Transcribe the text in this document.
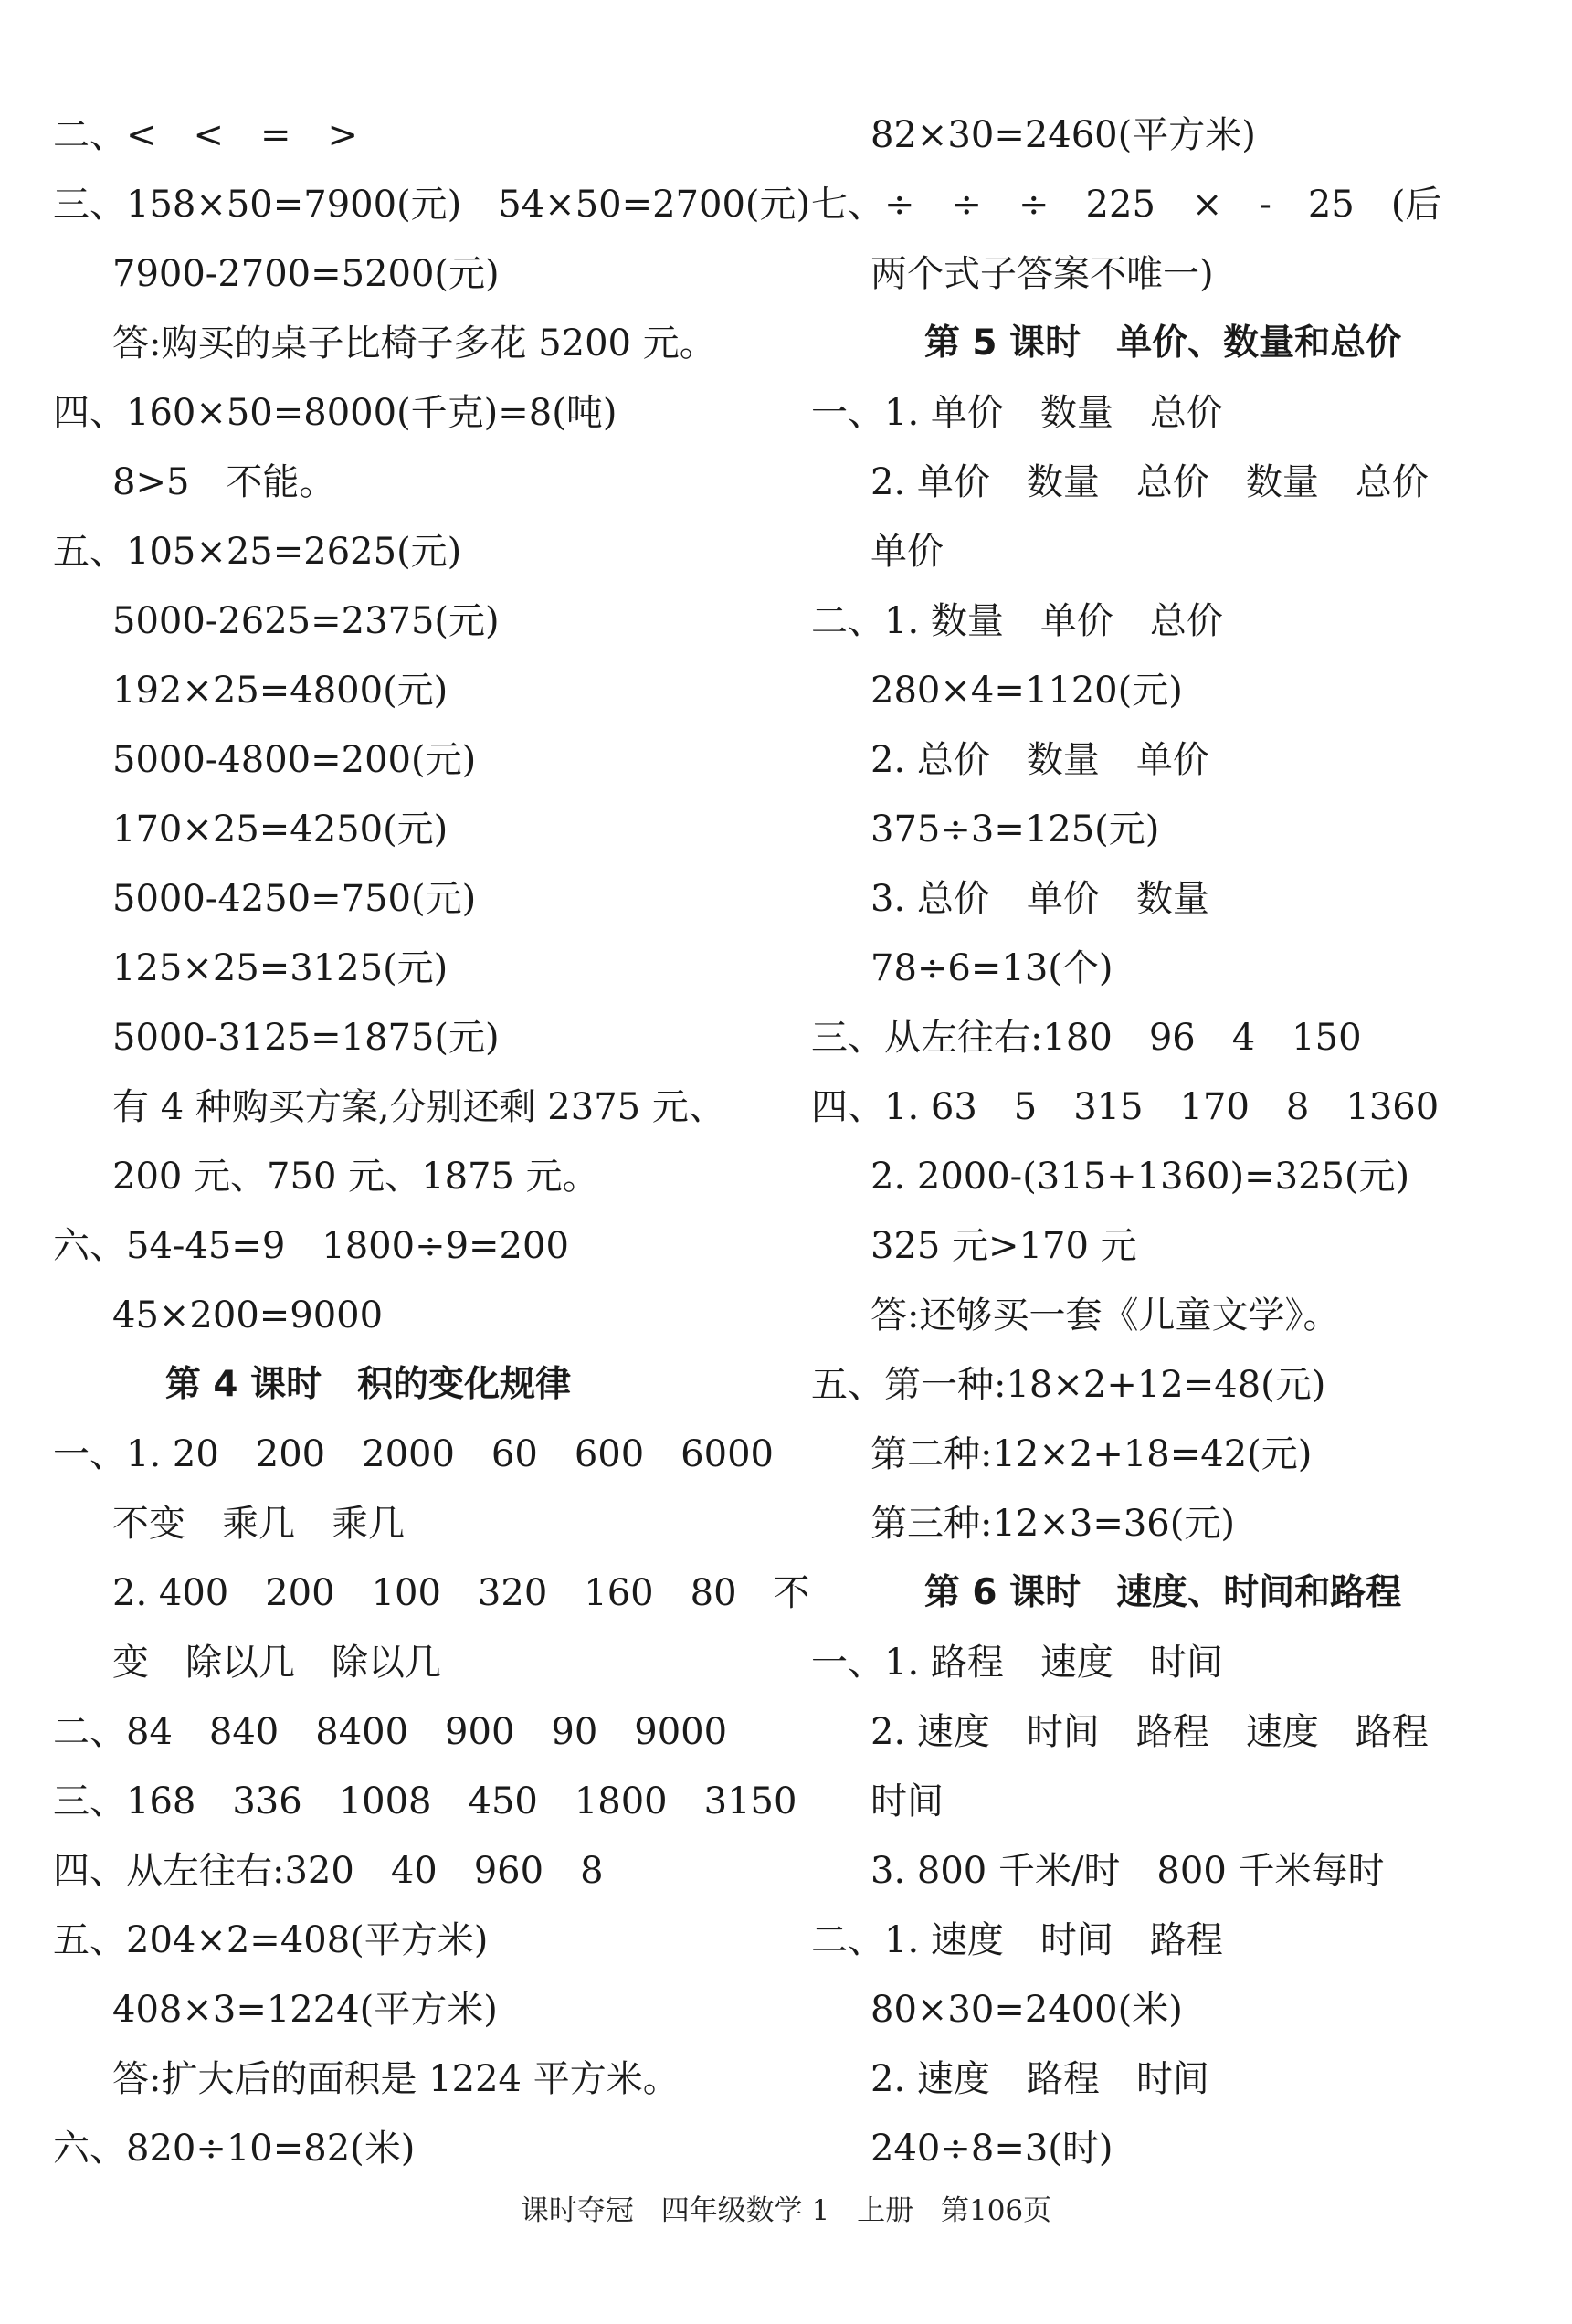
二、<　<　=　>
三、158×50=7900(元)　54×50=2700(元)
7900-2700=5200(元)
答:购买的桌子比椅子多花 5200 元。
四、160×50=8000(千克)=8(吨)
8>5　不能。
五、105×25=2625(元)
5000-2625=2375(元)
192×25=4800(元)
5000-4800=200(元)
170×25=4250(元)
5000-4250=750(元)
125×25=3125(元)
5000-3125=1875(元)
有 4 种购买方案,分别还剩 2375 元、
200 元、750 元、1875 元。
六、54-45=9　1800÷9=200
45×200=9000
第 4 课时　积的变化规律
一、1. 20　200　2000　60　600　6000
不变　乘几　乘几
2. 400　200　100　320　160　80　不
变　除以几　除以几
二、84　840　8400　900　90　9000
三、168　336　1008　450　1800　3150
四、从左往右:320　40　960　8
五、204×2=408(平方米)
408×3=1224(平方米)
答:扩大后的面积是 1224 平方米。
六、820÷10=82(米)
82×30=2460(平方米)
七、÷　÷　÷　225　×　-　25　(后
两个式子答案不唯一)
第 5 课时　单价、数量和总价
一、1. 单价　数量　总价
2. 单价　数量　总价　数量　总价
单价
二、1. 数量　单价　总价
280×4=1120(元)
2. 总价　数量　单价
375÷3=125(元)
3. 总价　单价　数量
78÷6=13(个)
三、从左往右:180　96　4　150
四、1. 63　5　315　170　8　1360
2. 2000-(315+1360)=325(元)
325 元>170 元
答:还够买一套《儿童文学》。
五、第一种:18×2+12=48(元)
第二种:12×2+18=42(元)
第三种:12×3=36(元)
第 6 课时　速度、时间和路程
一、1. 路程　速度　时间
2. 速度　时间　路程　速度　路程
时间
3. 800 千米/时　800 千米每时
二、1. 速度　时间　路程
80×30=2400(米)
2. 速度　路程　时间
240÷8=3(时)
课时夺冠 四年级数学 1 上册 第106页
